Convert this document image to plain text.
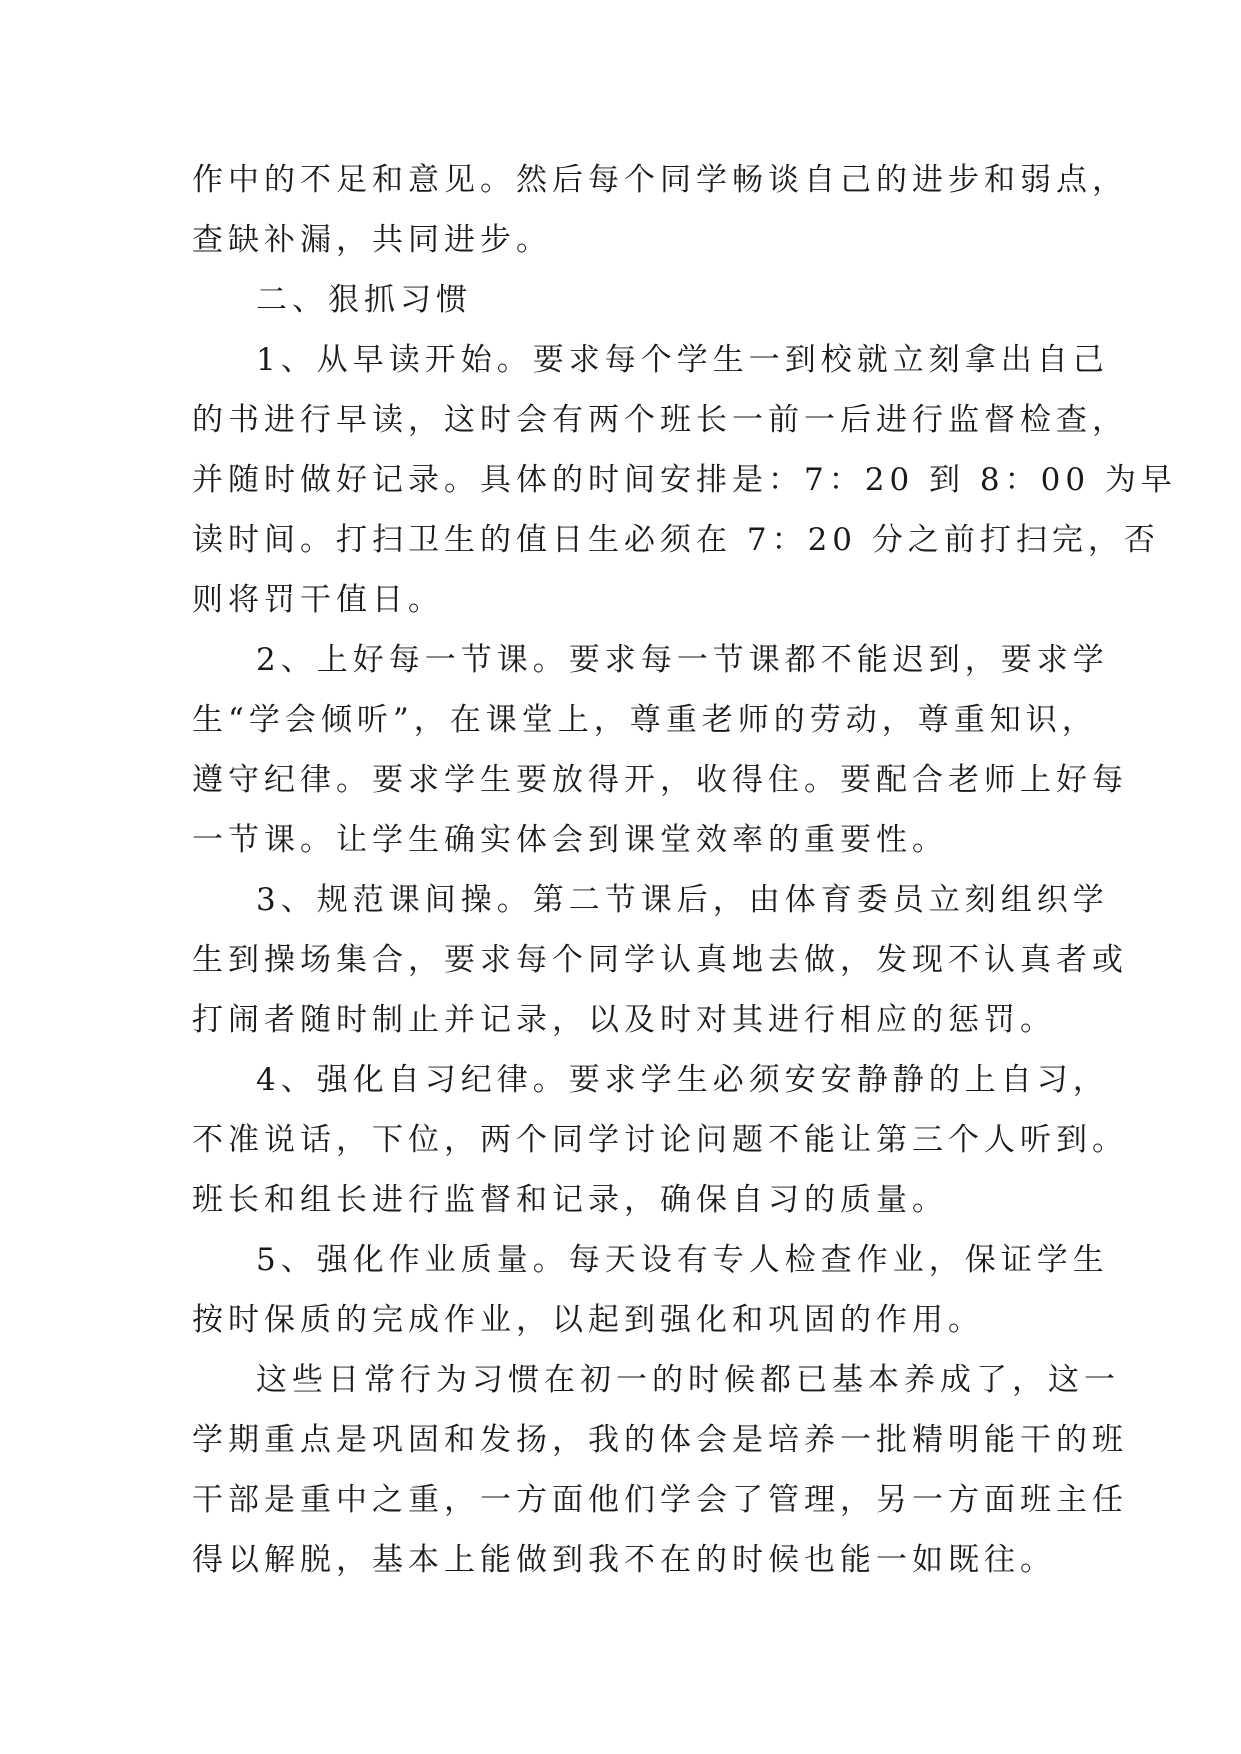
作中的不足和意见。然后每个同学畅谈自己的进步和弱点，
查缺补漏，共同进步。
二、狠抓习惯
1、从早读开始。要求每个学生一到校就立刻拿出自己
的书进行早读，这时会有两个班长一前一后进行监督检查，
并随时做好记录。具体的时间安排是：7：20 到 8：00 为早
读时间。打扫卫生的值日生必须在 7：20 分之前打扫完，否
则将罚干值日。
2、上好每一节课。要求每一节课都不能迟到，要求学
生“学会倾听”，在课堂上，尊重老师的劳动，尊重知识，
遵守纪律。要求学生要放得开，收得住。要配合老师上好每
一节课。让学生确实体会到课堂效率的重要性。
3、规范课间操。第二节课后，由体育委员立刻组织学
生到操场集合，要求每个同学认真地去做，发现不认真者或
打闹者随时制止并记录，以及时对其进行相应的惩罚。
4、强化自习纪律。要求学生必须安安静静的上自习，
不准说话，下位，两个同学讨论问题不能让第三个人听到。
班长和组长进行监督和记录，确保自习的质量。
5、强化作业质量。每天设有专人检查作业，保证学生
按时保质的完成作业，以起到强化和巩固的作用。
这些日常行为习惯在初一的时候都已基本养成了，这一
学期重点是巩固和发扬，我的体会是培养一批精明能干的班
干部是重中之重，一方面他们学会了管理，另一方面班主任
得以解脱，基本上能做到我不在的时候也能一如既往。
